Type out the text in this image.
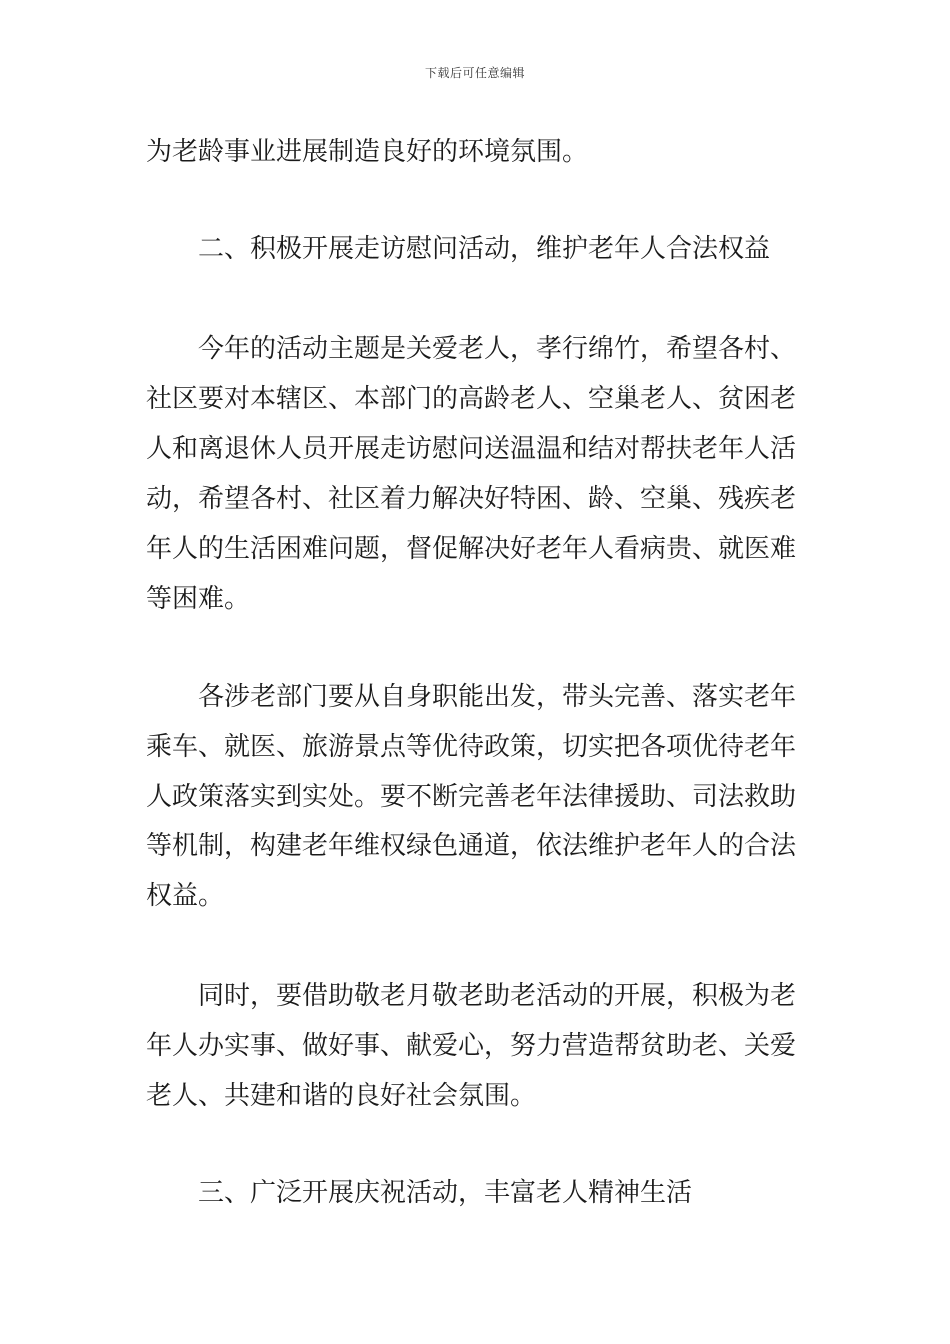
下载后可任意编辑
为老龄事业进展制造良好的环境氛围。
二、积极开展走访慰问活动，维护老年人合法权益
今年的活动主题是关爱老人，孝行绵竹，希望各村、
社区要对本辖区、本部门的高龄老人、空巢老人、贫困老
人和离退休人员开展走访慰问送温温和结对帮扶老年人活
动，希望各村、社区着力解决好特困、龄、空巢、残疾老
年人的生活困难问题，督促解决好老年人看病贵、就医难
等困难。
各涉老部门要从自身职能出发，带头完善、落实老年
乘车、就医、旅游景点等优待政策，切实把各项优待老年
人政策落实到实处。要不断完善老年法律援助、司法救助
等机制，构建老年维权绿色通道，依法维护老年人的合法
权益。
同时，要借助敬老月敬老助老活动的开展，积极为老
年人办实事、做好事、献爱心，努力营造帮贫助老、关爱
老人、共建和谐的良好社会氛围。
三、广泛开展庆祝活动，丰富老人精神生活
